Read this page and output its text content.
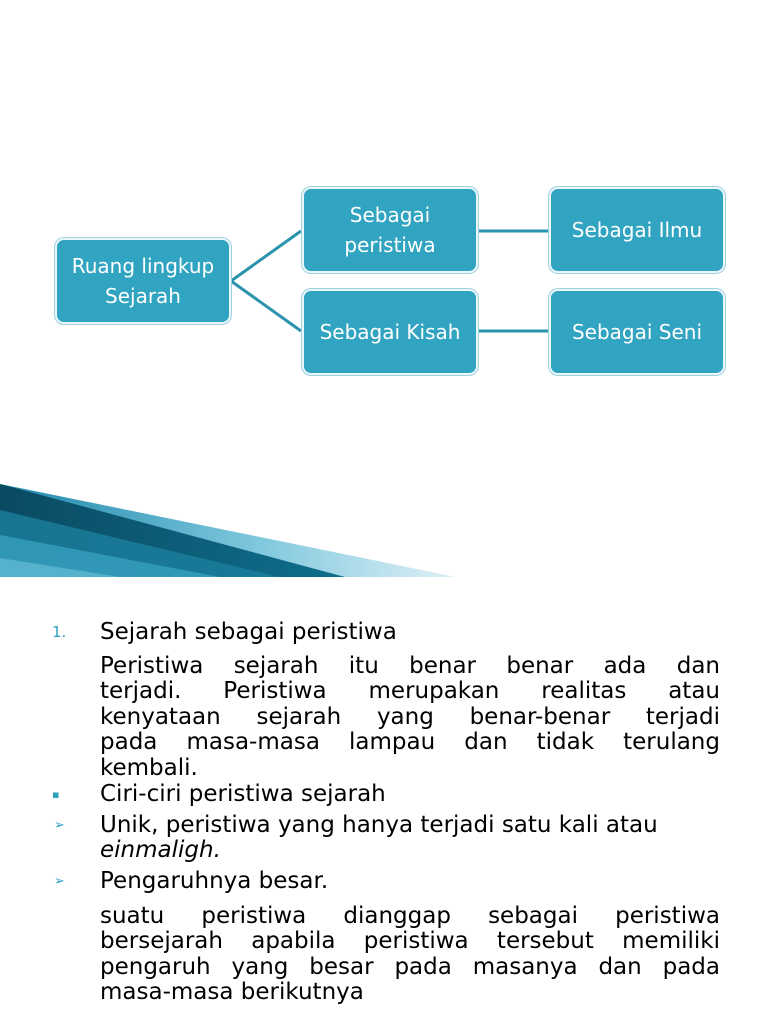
Ruang lingkup Sejarah
Sebagai peristiwa
Sebagai Kisah
Sebagai Ilmu
Sebagai Seni
1. Sejarah sebagai peristiwa
Peristiwa sejarah itu benar benar ada dan
terjadi. Peristiwa merupakan realitas atau
kenyataan sejarah yang benar-benar terjadi
pada masa-masa lampau dan tidak terulang
kembali.
▪ Ciri-ciri peristiwa sejarah
➢ Unik, peristiwa yang hanya terjadi satu kali atau
einmaligh.
➢ Pengaruhnya besar.
suatu peristiwa dianggap sebagai peristiwa
bersejarah apabila peristiwa tersebut memiliki
pengaruh yang besar pada masanya dan pada
masa-masa berikutnya
